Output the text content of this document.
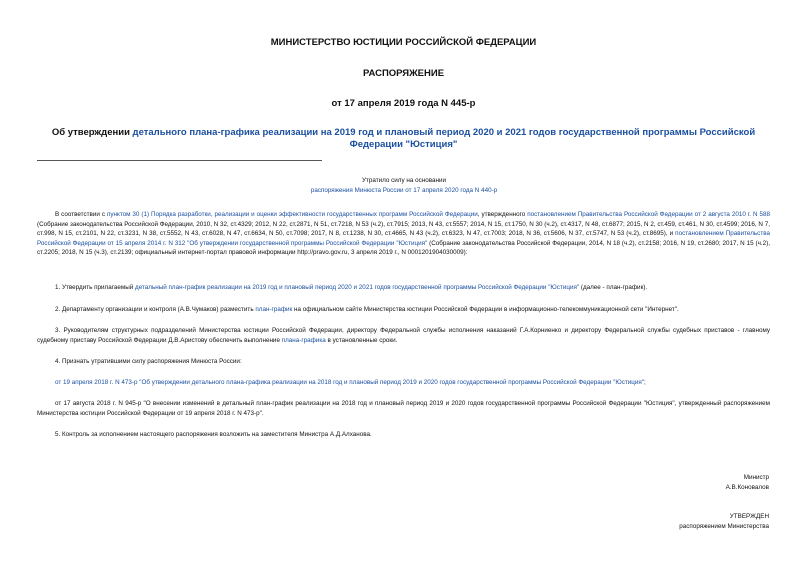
МИНИСТЕРСТВО ЮСТИЦИИ РОССИЙСКОЙ ФЕДЕРАЦИИ
РАСПОРЯЖЕНИЕ
от 17 апреля 2019 года N 445-р
Об утверждении детального плана-графика реализации на 2019 год и плановый период 2020 и 2021 годов государственной программы Российской Федерации "Юстиция"
Утратило силу на основании
распоряжения Минюста России от 17 апреля 2020 года N 440-р

В соответствии с пунктом 30 (1) Порядка разработки, реализации и оценки эффективности государственных программ Российской Федерации, утвержденного постановлением Правительства Российской Федерации от 2 августа 2010 г. N 588 (Собрание законодательства Российской Федерации, 2010, N 32, ст.4329; 2012, N 22, ст.2871, N 51, ст.7218, N 53 (ч.2), ст.7915; 2013, N 43, ст.5557; 2014, N 15, ст.1750, N 30 (ч.2), ст.4317, N 48, ст.6877; 2015, N 2, ст.459, ст.461, N 30, ст.4599; 2016, N 7, ст.998, N 15, ст.2101, N 22, ст.3231, N 38, ст.5552, N 43, ст.6028, N 47, ст.6634, N 50, ст.7098; 2017, N 8, ст.1238, N 30, ст.4665, N 43 (ч.2), ст.6323, N 47, ст.7003; 2018, N 36, ст.5606, N 37, ст.5747, N 53 (ч.2), ст.8695), и постановлением Правительства Российской Федерации от 15 апреля 2014 г. N 312 "Об утверждении государственной программы Российской Федерации "Юстиция" (Собрание законодательства Российской Федерации, 2014, N 18 (ч.2), ст.2158; 2016, N 19, ст.2680; 2017, N 15 (ч.2), ст.2205; 2018, N 15 (ч.3), ст.2139; официальный интернет-портал правовой информации http://pravo.gov.ru, 3 апреля 2019 г., N 0001201904030009):

1. Утвердить прилагаемый детальный план-график реализации на 2019 год и плановый период 2020 и 2021 годов государственной программы Российской Федерации "Юстиция" (далее - план-график).

2. Департаменту организации и контроля (А.В.Чумаков) разместить план-график на официальном сайте Министерства юстиции Российской Федерации в информационно-телекоммуникационной сети "Интернет".

3. Руководителям структурных подразделений Министерства юстиции Российской Федерации, директору Федеральной службы исполнения наказаний Г.А.Корниенко и директору Федеральной службы судебных приставов - главному судебному приставу Российской Федерации Д.В.Аристову обеспечить выполнение плана-графика в установленные сроки.

4. Признать утратившими силу распоряжения Минюста России:

от 19 апреля 2018 г. N 473-р "Об утверждении детального плана-графика реализации на 2018 год и плановый период 2019 и 2020 годов государственной программы Российской Федерации "Юстиция";

от 17 августа 2018 г. N 945-р "О внесении изменений в детальный план-график реализации на 2018 год и плановый период 2019 и 2020 годов государственной программы Российской Федерации "Юстиция", утвержденный распоряжением Министерства юстиции Российской Федерации от 19 апреля 2018 г. N 473-р".

5. Контроль за исполнением настоящего распоряжения возложить на заместителя Министра А.Д.Алханова.

Министр
А.В.Коновалов
УТВЕРЖДЕН
распоряжением Министерства
